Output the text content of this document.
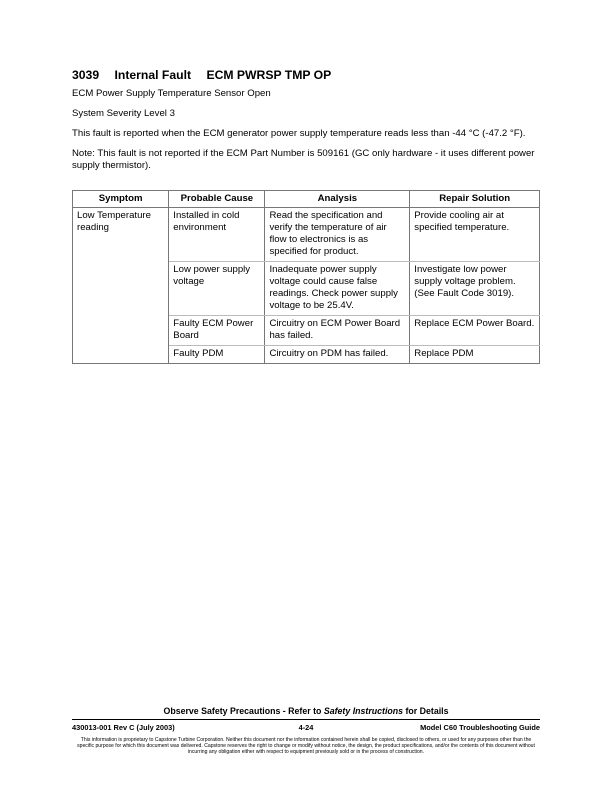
3039 Internal Fault ECM PWRSP TMP OP

ECM Power Supply Temperature Sensor Open

System Severity Level 3

This fault is reported when the ECM generator power supply temperature reads less than -44 °C (-47.2 °F).

Note: This fault is not reported if the ECM Part Number is 509161 (GC only hardware - it uses different power supply thermistor).

Symptom	Probable Cause	Analysis	Repair Solution
Low Temperature reading	Installed in cold environment	Read the specification and verify the temperature of air flow to electronics is as specified for product.	Provide cooling air at specified temperature.
	Low power supply voltage	Inadequate power supply voltage could cause false readings. Check power supply voltage to be 25.4V.	Investigate low power supply voltage problem. (See Fault Code 3019).
	Faulty ECM Power Board	Circuitry on ECM Power Board has failed.	Replace ECM Power Board.
	Faulty PDM	Circuitry on PDM has failed.	Replace PDM
Observe Safety Precautions - Refer to Safety Instructions for Details
430013-001 Rev C (July 2003)	4-24	Model C60 Troubleshooting Guide
This information is proprietary to Capstone Turbine Corporation. Neither this document nor the information contained herein shall be copied, disclosed to others, or used for any purposes other than the specific purpose for which this document was delivered. Capstone reserves the right to change or modify without notice, the design, the product specifications, and/or the contents of this document without incurring any obligation either with respect to equipment previously sold or in the process of construction.
